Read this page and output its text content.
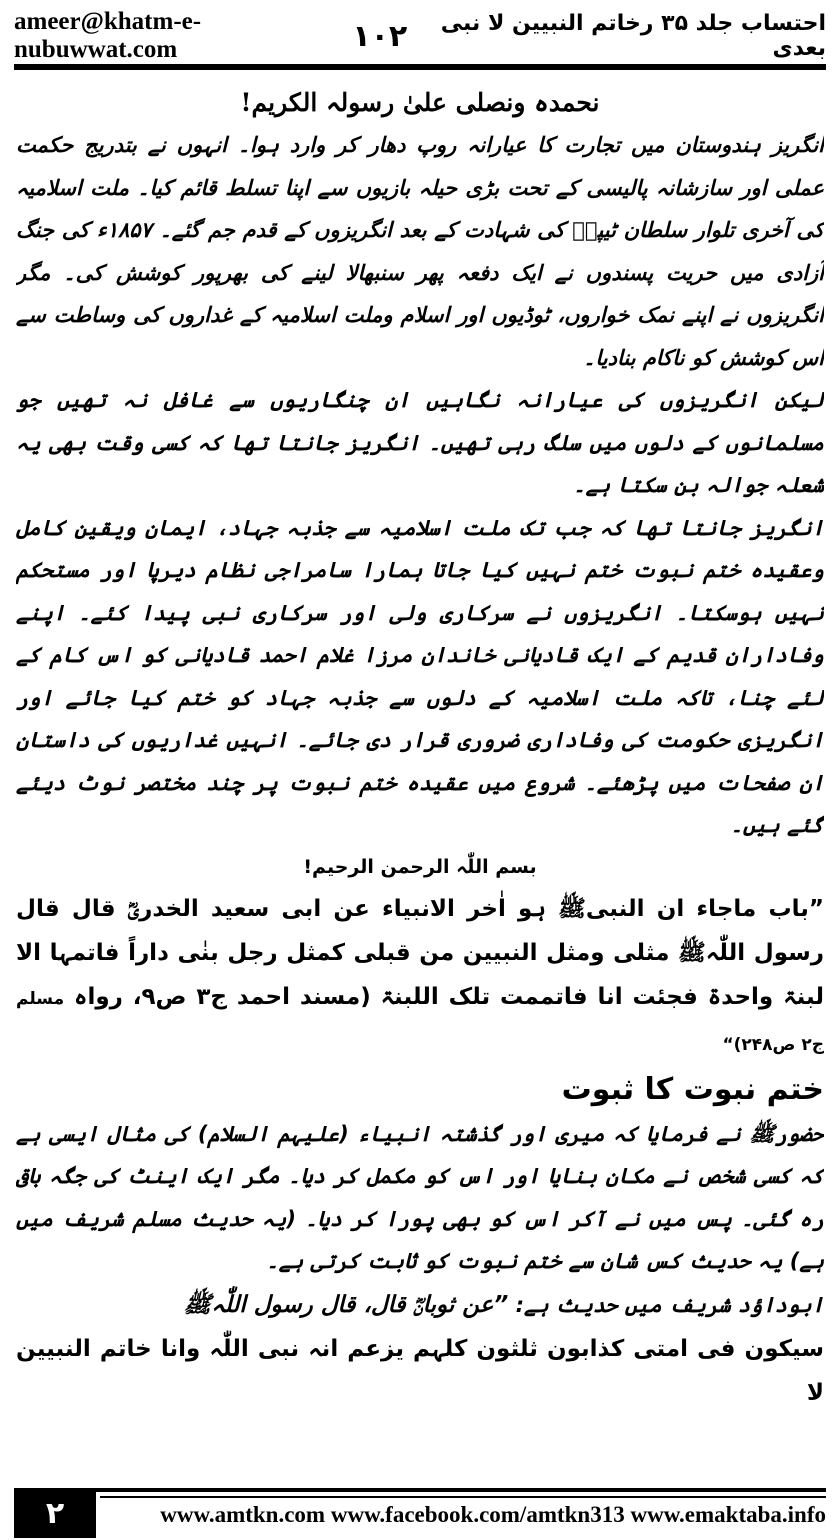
ameer@khatm-e-nubuwwat.com	۱۰۲	احتساب جلد ۳۵ رخاتم النبیین لا نبی بعدی

نحمدہ ونصلی علیٰ رسولہ الکریم!

انگریز ہندوستان میں تجارت کا عیارانہ روپ دھار کر وارد ہوا۔ انہوں نے بتدریج حکمت عملی اور سازشانہ پالیسی کے تحت بڑی حیلہ بازیوں سے اپنا تسلط قائم کیا۔ ملت اسلامیہ کی آخری تلوار سلطان ٹیپوؒ کی شہادت کے بعد انگریزوں کے قدم جم گئے۔ ۱۸۵۷ء کی جنگ آزادی میں حریت پسندوں نے ایک دفعہ پھر سنبھالا لینے کی بھرپور کوشش کی۔ مگر انگریزوں نے اپنے نمک خواروں، ٹوڈیوں اور اسلام وملت اسلامیہ کے غداروں کی وساطت سے اس کوشش کو ناکام بنادیا۔

لیکن انگریزوں کی عیارانہ نگاہیں ان چنگاریوں سے غافل نہ تھیں جو مسلمانوں کے دلوں میں سلگ رہی تھیں۔ انگریز جانتا تھا کہ کسی وقت بھی یہ شعلہ جوالہ بن سکتا ہے۔

انگریز جانتا تھا کہ جب تک ملت اسلامیہ سے جذبہ جہاد، ایمان ویقین کامل وعقیدہ ختم نبوت ختم نہیں کیا جاتا ہمارا سامراجی نظام دیرپا اور مستحکم نہیں ہوسکتا۔ انگریزوں نے سرکاری ولی اور سرکاری نبی پیدا کئے۔ اپنے وفاداران قدیم کے ایک قادیانی خاندان مرزا غلام احمد قادیانی کو اس کام کے لئے چنا، تاکہ ملت اسلامیہ کے دلوں سے جذبہ جہاد کو ختم کیا جائے اور انگریزی حکومت کی وفاداری ضروری قرار دی جائے۔ انہیں غداریوں کی داستان ان صفحات میں پڑھئے۔ شروع میں عقیدہ ختم نبوت پر چند مختصر نوٹ دیئے گئے ہیں۔

بسم اللّٰہ الرحمن الرحیم!

”باب ماجاء ان النبیﷺ ہو اٰخر الانبیاء عن ابی سعید الخدریؓ قال قال رسول اللّٰہﷺ مثلی ومثل النبیین من قبلی کمثل رجل بنٰی داراً فاتمہا الا لبنۃ واحدۃ فجئت انا فاتممت تلک اللبنۃ (مسند احمد ج۳ ص۹، رواہ مسلم ج۲ ص۲۴۸)“

ختم نبوت کا ثبوت

حضورﷺ نے فرمایا کہ میری اور گذشتہ انبیاء (علیہم السلام) کی مثال ایسی ہے کہ کسی شخص نے مکان بنایا اور اس کو مکمل کر دیا۔ مگر ایک اینٹ کی جگہ باقی رہ گئی۔ پس میں نے آکر اس کو بھی پورا کر دیا۔ (یہ حدیث مسلم شریف میں ہے) یہ حدیث کس شان سے ختم نبوت کو ثابت کرتی ہے۔

ابوداؤد شریف میں حدیث ہے: ”عن ثوبانؓ قال، قال رسول اللّٰہﷺ

سیکون فی امتی کذابون ثلثون کلہم یزعم انہ نبی اللّٰہ وانا خاتم النبیین لا

۲	www.amtkn.com www.facebook.com/amtkn313 www.emaktaba.info
